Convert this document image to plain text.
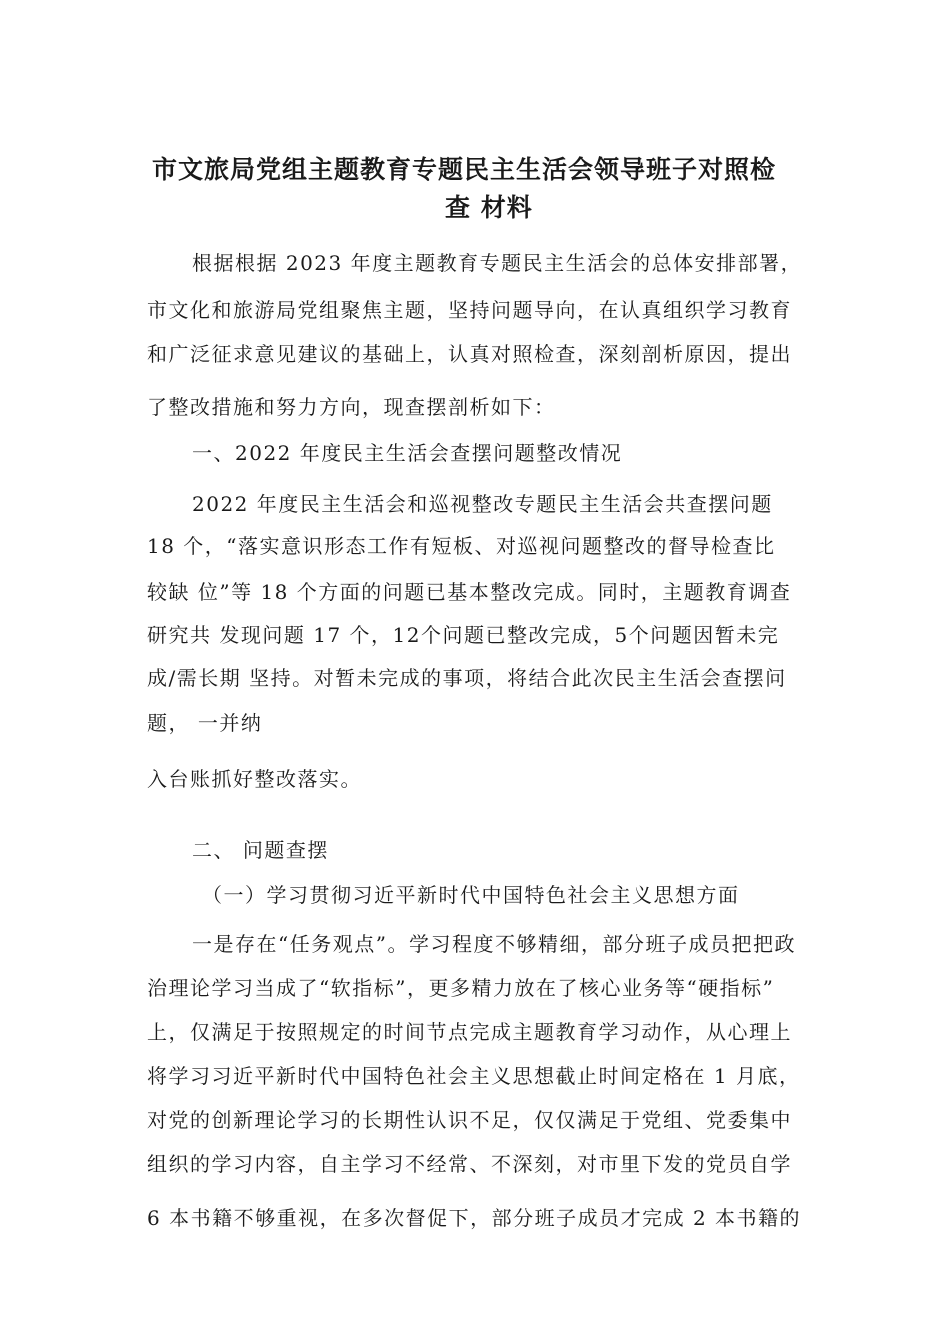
市文旅局党组主题教育专题民主生活会领导班子对照检
查 材料
根据根据 2023 年度主题教育专题民主生活会的总体安排部署，
市文化和旅游局党组聚焦主题，坚持问题导向，在认真组织学习教育
和广泛征求意见建议的基础上，认真对照检查，深刻剖析原因，提出
了整改措施和努力方向，现查摆剖析如下：
一、2022 年度民主生活会查摆问题整改情况
2022 年度民主生活会和巡视整改专题民主生活会共查摆问题
18 个，“落实意识形态工作有短板、对巡视问题整改的督导检查比
较缺 位”等 18 个方面的问题已基本整改完成。同时，主题教育调查
研究共 发现问题 17 个，12个问题已整改完成，5个问题因暂未完
成/需长期 坚持。对暂未完成的事项，将结合此次民主生活会查摆问
题， 一并纳
入台账抓好整改落实。
二、 问题查摆
（一）学习贯彻习近平新时代中国特色社会主义思想方面
一是存在“任务观点”。学习程度不够精细，部分班子成员把把政
治理论学习当成了“软指标”，更多精力放在了核心业务等“硬指标”
上，仅满足于按照规定的时间节点完成主题教育学习动作，从心理上
将学习习近平新时代中国特色社会主义思想截止时间定格在 1 月底，
对党的创新理论学习的长期性认识不足，仅仅满足于党组、党委集中
组织的学习内容，自主学习不经常、不深刻，对市里下发的党员自学
6 本书籍不够重视，在多次督促下，部分班子成员才完成 2 本书籍的
